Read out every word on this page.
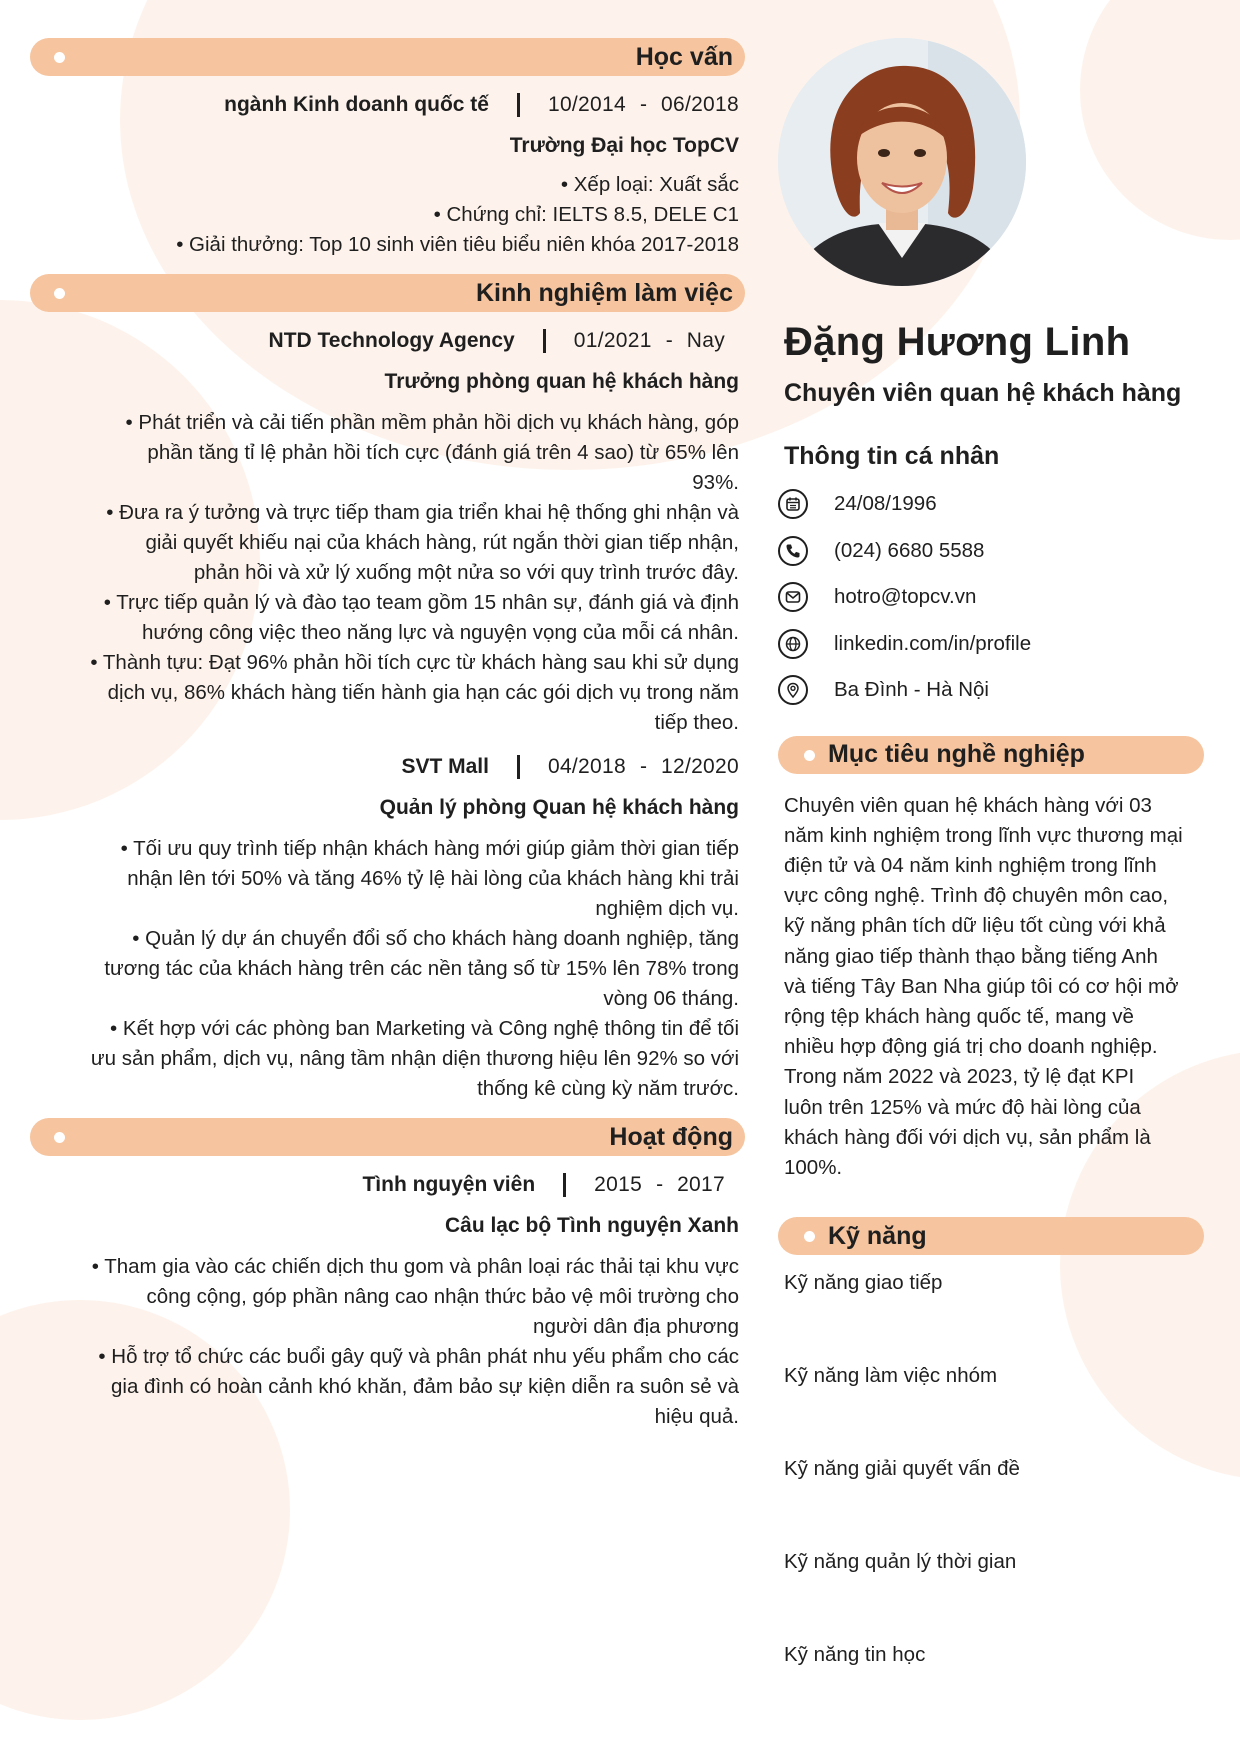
Học vấn
ngành Kinh doanh quốc tế	10/2014 - 06/2018
Trường Đại học TopCV
• Xếp loại: Xuất sắc
• Chứng chỉ: IELTS 8.5, DELE C1
• Giải thưởng: Top 10 sinh viên tiêu biểu niên khóa 2017-2018
Kinh nghiệm làm việc
NTD Technology Agency	01/2021 - Nay
Trưởng phòng quan hệ khách hàng
• Phát triển và cải tiến phần mềm phản hồi dịch vụ khách hàng, góp
phần tăng tỉ lệ phản hồi tích cực (đánh giá trên 4 sao) từ 65% lên
93%.
• Đưa ra ý tưởng và trực tiếp tham gia triển khai hệ thống ghi nhận và
giải quyết khiếu nại của khách hàng, rút ngắn thời gian tiếp nhận,
phản hồi và xử lý xuống một nửa so với quy trình trước đây.
• Trực tiếp quản lý và đào tạo team gồm 15 nhân sự, đánh giá và định
hướng công việc theo năng lực và nguyện vọng của mỗi cá nhân.
• Thành tựu: Đạt 96% phản hồi tích cực từ khách hàng sau khi sử dụng
dịch vụ, 86% khách hàng tiến hành gia hạn các gói dịch vụ trong năm
tiếp theo.
SVT Mall	04/2018 - 12/2020
Quản lý phòng Quan hệ khách hàng
• Tối ưu quy trình tiếp nhận khách hàng mới giúp giảm thời gian tiếp
nhận lên tới 50% và tăng 46% tỷ lệ hài lòng của khách hàng khi trải
nghiệm dịch vụ.
• Quản lý dự án chuyển đổi số cho khách hàng doanh nghiệp, tăng
tương tác của khách hàng trên các nền tảng số từ 15% lên 78% trong
vòng 06 tháng.
• Kết hợp với các phòng ban Marketing và Công nghệ thông tin để tối
ưu sản phẩm, dịch vụ, nâng tầm nhận diện thương hiệu lên 92% so với
thống kê cùng kỳ năm trước.
Hoạt động
Tình nguyện viên	2015 - 2017
Câu lạc bộ Tình nguyện Xanh
• Tham gia vào các chiến dịch thu gom và phân loại rác thải tại khu vực
công cộng, góp phần nâng cao nhận thức bảo vệ môi trường cho
người dân địa phương
• Hỗ trợ tổ chức các buổi gây quỹ và phân phát nhu yếu phẩm cho các
gia đình có hoàn cảnh khó khăn, đảm bảo sự kiện diễn ra suôn sẻ và
hiệu quả.
Đặng Hương Linh
Chuyên viên quan hệ khách hàng
Thông tin cá nhân
24/08/1996
(024) 6680 5588
hotro@topcv.vn
linkedin.com/in/profile
Ba Đình - Hà Nội
Mục tiêu nghề nghiệp
Chuyên viên quan hệ khách hàng với 03
năm kinh nghiệm trong lĩnh vực thương mại
điện tử và 04 năm kinh nghiệm trong lĩnh
vực công nghệ. Trình độ chuyên môn cao,
kỹ năng phân tích dữ liệu tốt cùng với khả
năng giao tiếp thành thạo bằng tiếng Anh
và tiếng Tây Ban Nha giúp tôi có cơ hội mở
rộng tệp khách hàng quốc tế, mang về
nhiều hợp động giá trị cho doanh nghiệp.
Trong năm 2022 và 2023, tỷ lệ đạt KPI
luôn trên 125% và mức độ hài lòng của
khách hàng đối với dịch vụ, sản phẩm là
100%.
Kỹ năng
Kỹ năng giao tiếp
Kỹ năng làm việc nhóm
Kỹ năng giải quyết vấn đề
Kỹ năng quản lý thời gian
Kỹ năng tin học
